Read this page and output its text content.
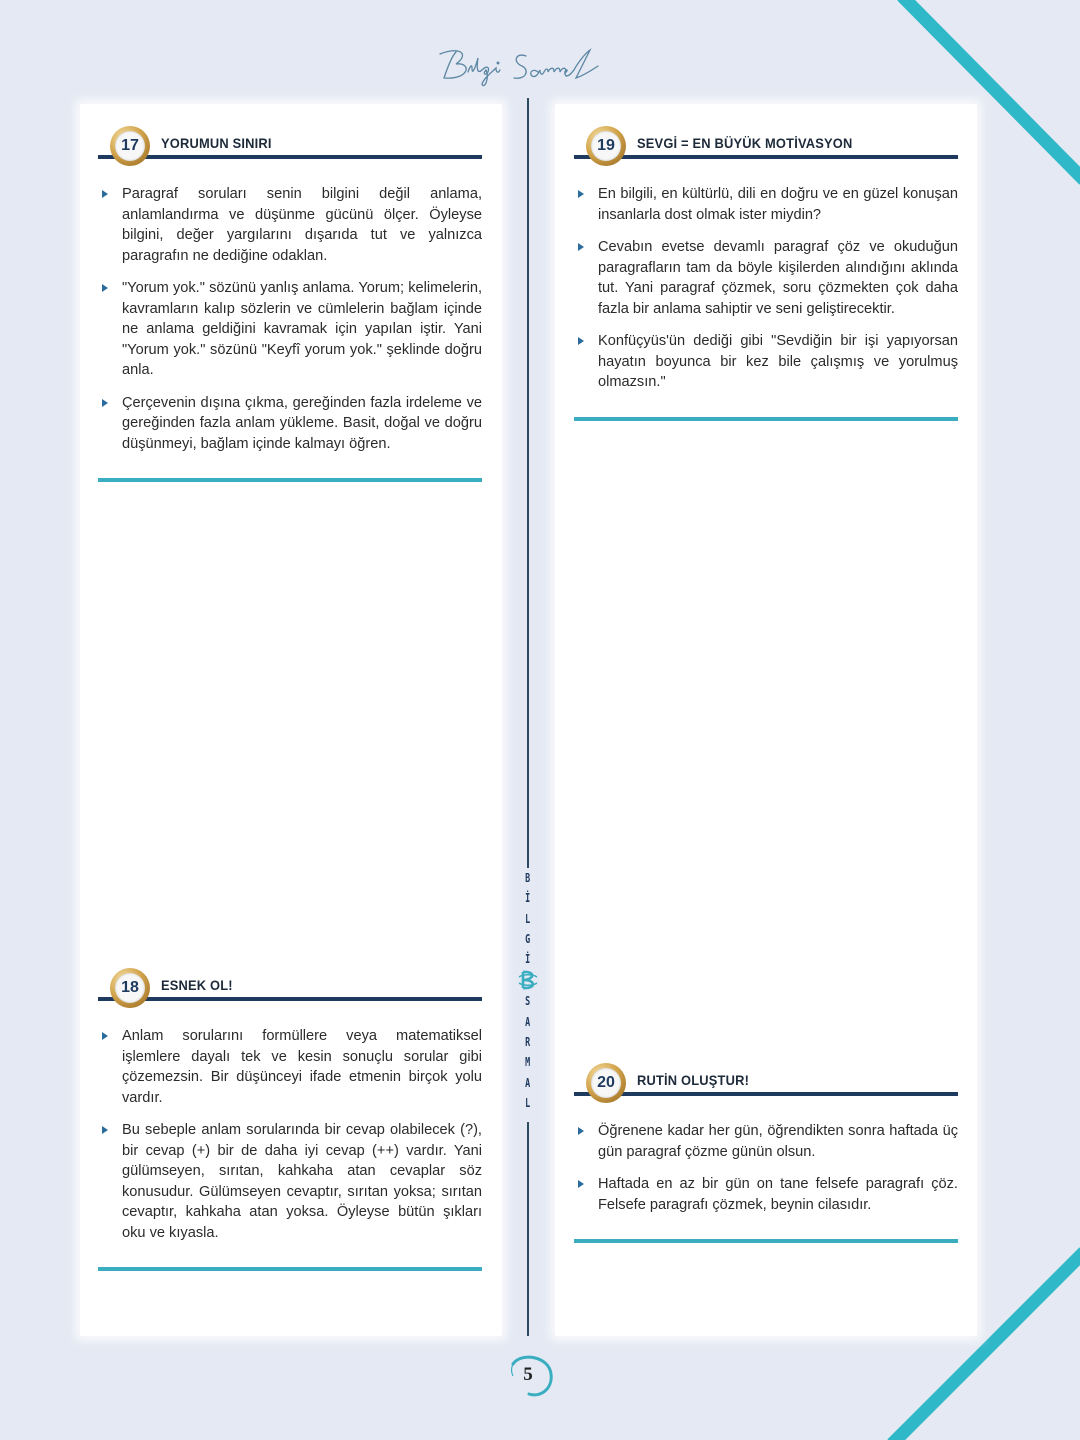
17	YORUMUN SINIRI
Paragraf soruları senin bilgini değil anlama, anlamlandırma ve düşünme gücünü ölçer. Öyleyse bilgini, değer yargılarını dışarıda tut ve yalnızca paragrafın ne dediğine odaklan.
"Yorum yok." sözünü yanlış anlama. Yorum; kelimelerin, kavramların kalıp sözlerin ve cümlelerin bağlam içinde ne anlama geldiğini kavramak için yapılan iştir. Yani "Yorum yok." sözünü "Keyfî yorum yok." şeklinde doğru anla.
Çerçevenin dışına çıkma, gereğinden fazla irdeleme ve gereğinden fazla anlam yükleme. Basit, doğal ve doğru düşünmeyi, bağlam içinde kalmayı öğren.
18	ESNEK OL!
Anlam sorularını formüllere veya matematiksel işlemlere dayalı tek ve kesin sonuçlu sorular gibi çözemezsin. Bir düşünceyi ifade etmenin birçok yolu vardır.
Bu sebeple anlam sorularında bir cevap olabilecek (?), bir cevap (+) bir de daha iyi cevap (++) vardır. Yani gülümseyen, sırıtan, kahkaha atan cevaplar söz konusudur. Gülümseyen cevaptır, sırıtan yoksa; sırıtan cevaptır, kahkaha atan yoksa. Öyleyse bütün şıkları oku ve kıyasla.
B
İ
L
G
İ
S
A
R
M
A
L
19	SEVGİ = EN BÜYÜK MOTİVASYON
En bilgili, en kültürlü, dili en doğru ve en güzel konuşan insanlarla dost olmak ister miydin?
Cevabın evetse devamlı paragraf çöz ve okuduğun paragrafların tam da böyle kişilerden alındığını aklında tut. Yani paragraf çözmek, soru çözmekten çok daha fazla bir anlama sahiptir ve seni geliştirecektir.
Konfüçyüs'ün dediği gibi "Sevdiğin bir işi yapıyorsan hayatın boyunca bir kez bile çalışmış ve yorulmuş olmazsın."
20	RUTİN OLUŞTUR!
Öğrenene kadar her gün, öğrendikten sonra haftada üç gün paragraf çözme günün olsun.
Haftada en az bir gün on tane felsefe paragrafı çöz. Felsefe paragrafı çözmek, beynin cilasıdır.
5
